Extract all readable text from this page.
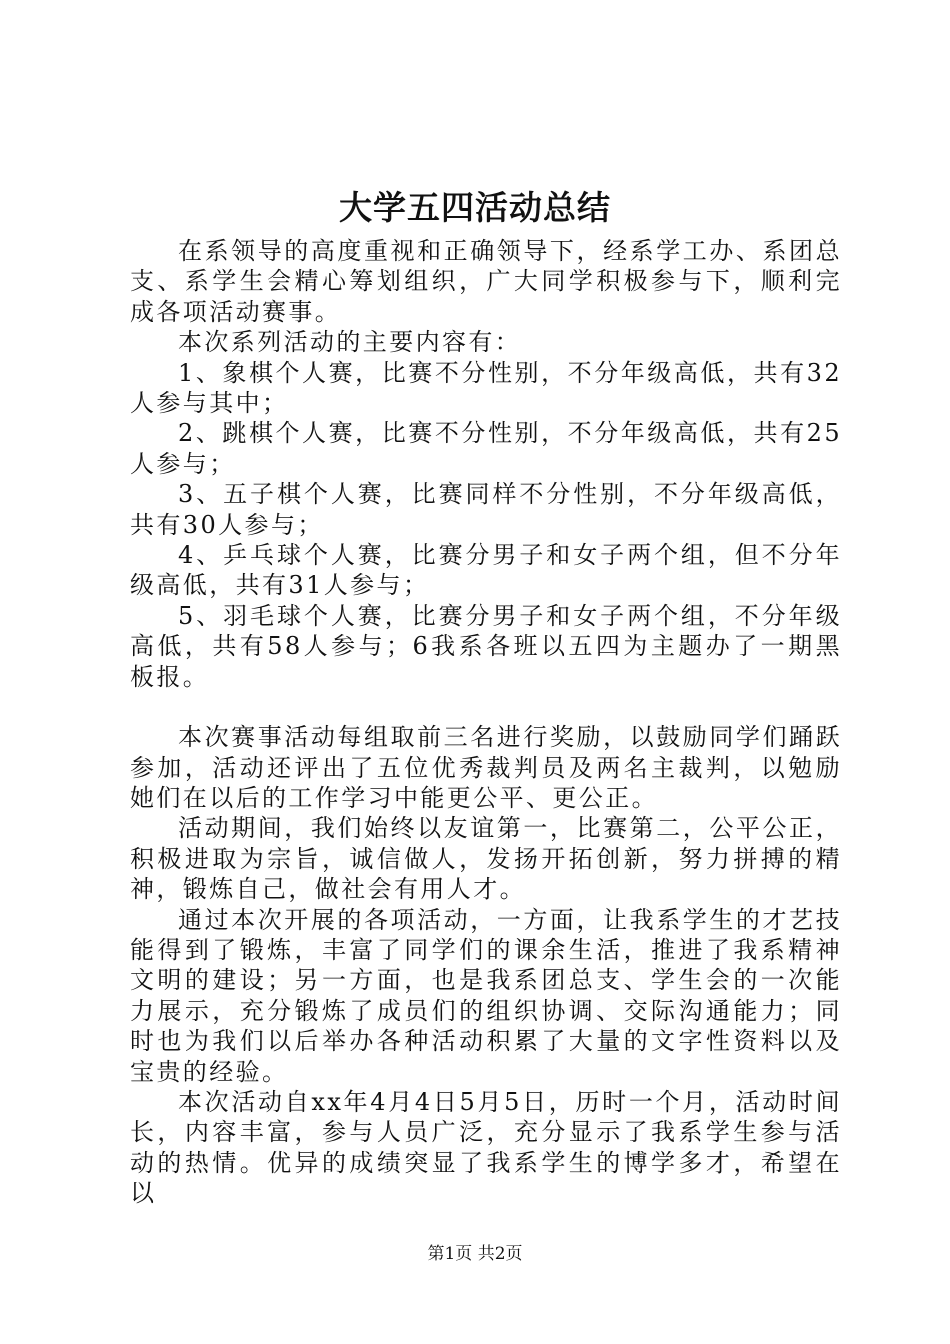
大学五四活动总结

在系领导的高度重视和正确领导下，经系学工办、系团总支、系学生会精心筹划组织，广大同学积极参与下，顺利完成各项活动赛事。

本次系列活动的主要内容有：

1、象棋个人赛，比赛不分性别，不分年级高低，共有32人参与其中；

2、跳棋个人赛，比赛不分性别，不分年级高低，共有25人参与；

3、五子棋个人赛，比赛同样不分性别，不分年级高低，共有30人参与；

4、乒乓球个人赛，比赛分男子和女子两个组，但不分年级高低，共有31人参与；

5、羽毛球个人赛，比赛分男子和女子两个组，不分年级高低，共有58人参与；6我系各班以五四为主题办了一期黑板报。

本次赛事活动每组取前三名进行奖励，以鼓励同学们踊跃参加，活动还评出了五位优秀裁判员及两名主裁判，以勉励她们在以后的工作学习中能更公平、更公正。

活动期间，我们始终以友谊第一，比赛第二，公平公正，积极进取为宗旨，诚信做人，发扬开拓创新，努力拼搏的精神，锻炼自己，做社会有用人才。

通过本次开展的各项活动，一方面，让我系学生的才艺技能得到了锻炼，丰富了同学们的课余生活，推进了我系精神文明的建设；另一方面，也是我系团总支、学生会的一次能力展示，充分锻炼了成员们的组织协调、交际沟通能力；同时也为我们以后举办各种活动积累了大量的文字性资料以及宝贵的经验。

本次活动自xx年4月4日5月5日，历时一个月，活动时间长，内容丰富，参与人员广泛，充分显示了我系学生参与活动的热情。优异的成绩突显了我系学生的博学多才，希望在以

第1页 共2页
